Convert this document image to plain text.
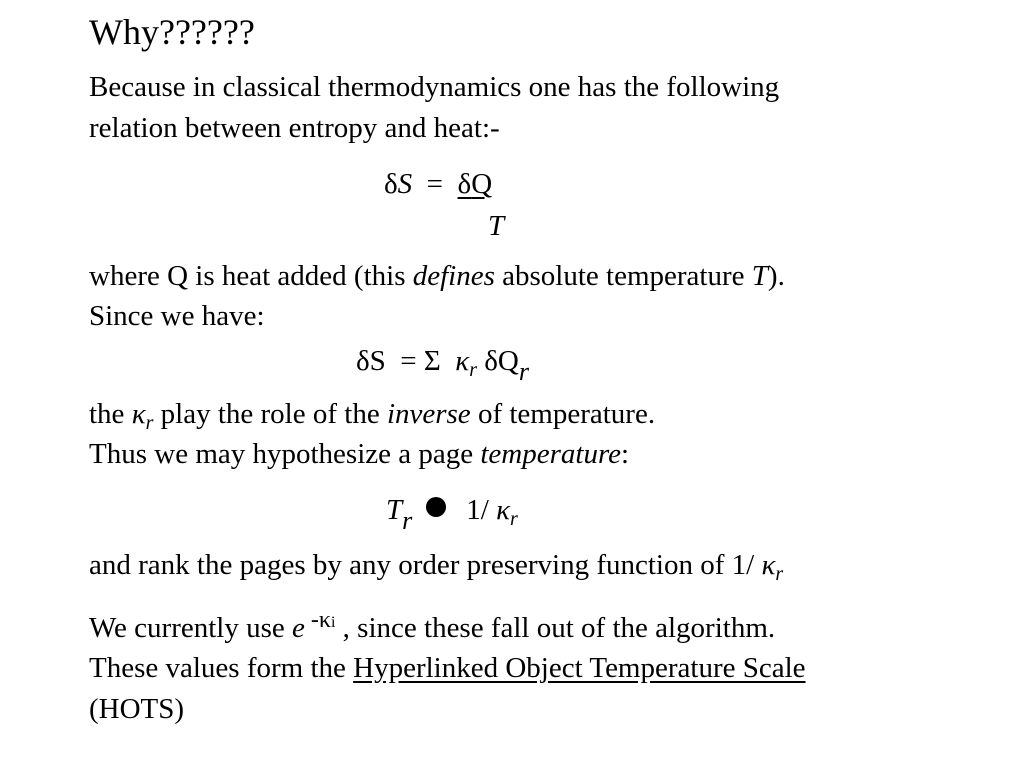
Why??????
Because in classical thermodynamics one has the following
relation between entropy and heat:-
δS = δQ
T
where Q is heat added (this defines absolute temperature T).
Since we have:
δS = Σ $\kappa_r$ $\delta Q_r$
the $\kappa_r$ play the role of the inverse of temperature.
Thus we may hypothesize a page temperature:
$T_r$ 1/ $\kappa_r$
and rank the pages by any order preserving function of 1/ $\kappa_r$
We currently use e $^{-\kappa i}$ , since these fall out of the algorithm.
These values form the Hyperlinked Object Temperature Scale
(HOTS)
